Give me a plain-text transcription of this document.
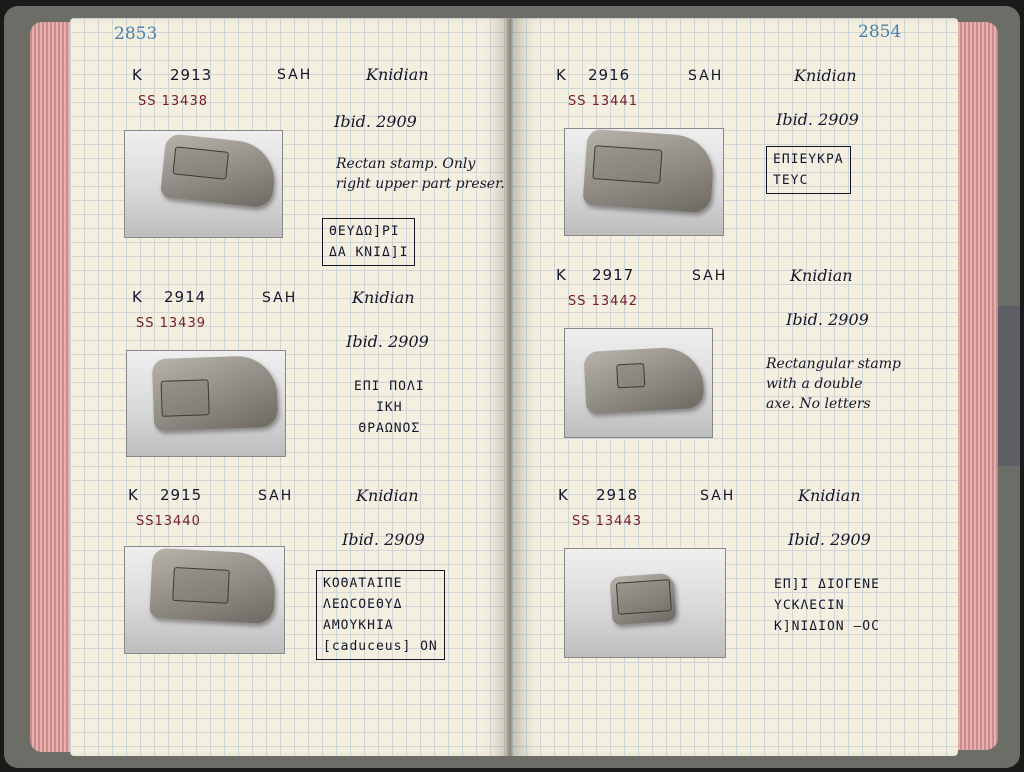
2853
K 2913	SAH	Knidian
SS 13438
Ibid. 2909
Rectan stamp. Only
right upper part preser.
ΘΕΥΔΩ]ΡΙ
ΔΑ ΚΝΙΔ]Ι
K 2914	SAH	Knidian
SS 13439
Ibid. 2909
ΕΠΙ ΠΟΛΙ
ΙΚΗ
ΘΡΑΩΝΟΣ
K 2915	SAH	Knidian
SS13440
Ibid. 2909
ΚΟΘΑΤΑΙΠΕ
ΛΕΩϹΟΕΘΥΔ
ΑΜΟΥΚΗΙΑ
[caduceus] ΟΝ
2854
K 2916	SAH	Knidian
SS 13441
Ibid. 2909
ΕΠΙΕΥΚΡΑ
ΤΕΥϹ
K 2917	SAH	Knidian
SS 13442
Ibid. 2909
Rectangular stamp
with a double
axe. No letters
K 2918	SAH	Knidian
SS 13443
Ibid. 2909
ΕΠ]Ι ΔΙΟΓΕΝΕ
ΥϹΚΛΕϹΙΝ
Κ]ΝΙΔΙΟΝ —OC
